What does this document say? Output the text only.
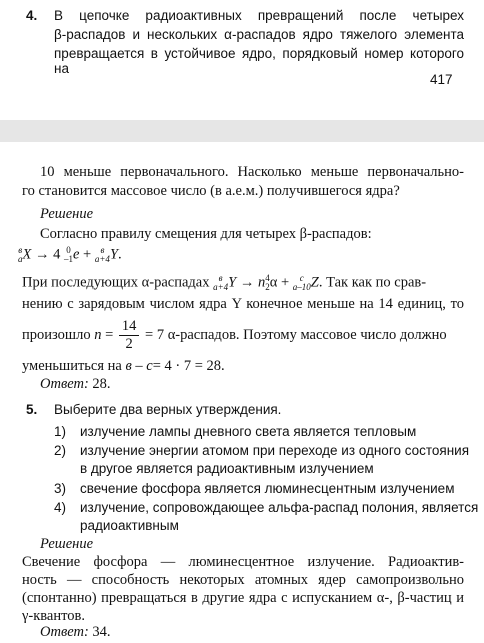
4. В цепочке радиоактивных превращений после четырех
β-распадов и нескольких α-распадов ядро тяжелого элемента
превращается в устойчивое ядро, порядковый номер которого на
417
10 меньше первоначального. Насколько меньше первоначально-
го становится массовое число (в а.е.м.) получившегося ядра?
Решение
Согласно правилу смещения для четырех β-распадов:
в
а X → 4 0
–1 e + в
а+4 Y.
При последующих α-распадах	в
а+4 Y → n 4
2 α + с
а–10 Z. Так как по срав-
нению с зарядовым числом ядра Y конечное меньше на 14 единиц, то
произошло $n = \frac{14}{2} = 7$ α-распадов. Поэтому массовое число должно
уменьшиться на в – с= 4 · 7 = 28.
Ответ: 28.
5. Выберите два верных утверждения.
1) излучение лампы дневного света является тепловым
2) излучение энергии атомом при переходе из одного состояния
в другое является радиоактивным излучением
3) свечение фосфора является люминесцентным излучением
4) излучение, сопровождающее альфа-распад полония, является
радиоактивным
Решение
Свечение фосфора — люминесцентное излучение. Радиоактив-
ность — способность некоторых атомных ядер самопроизвольно
(спонтанно) превращаться в другие ядра с испусканием α-, β-частиц и
γ-квантов.
Ответ: 34.
